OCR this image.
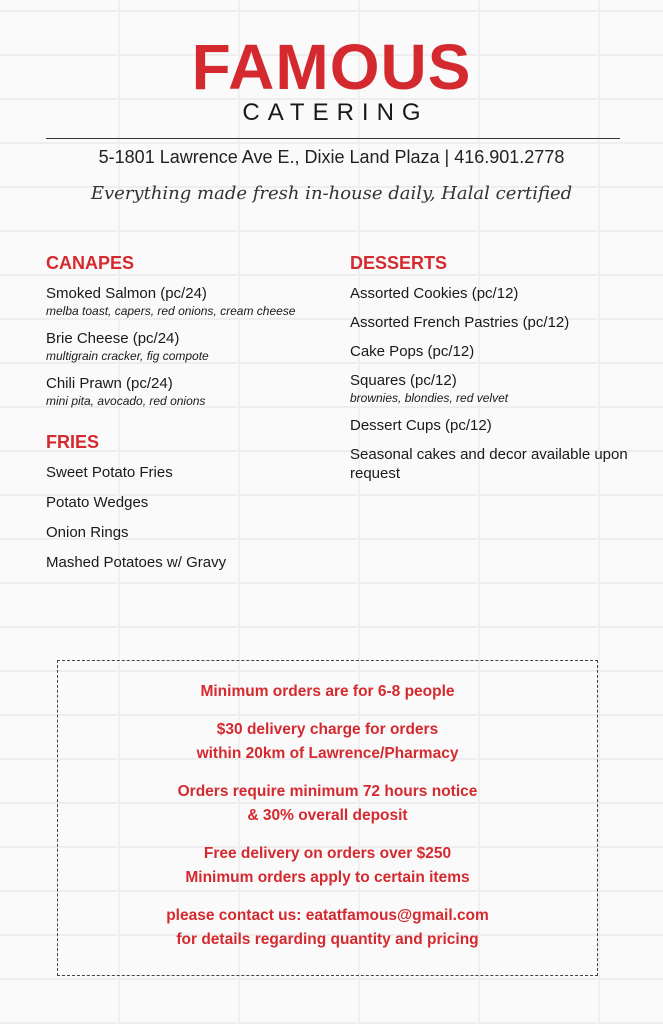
FAMOUS
CATERING
5-1801 Lawrence Ave E., Dixie Land Plaza | 416.901.2778
Everything made fresh in-house daily, Halal certified
CANAPES
Smoked Salmon (pc/24)
melba toast, capers, red onions, cream cheese
Brie Cheese (pc/24)
multigrain cracker, fig compote
Chili Prawn (pc/24)
mini pita, avocado, red onions
FRIES
Sweet Potato Fries
Potato Wedges
Onion Rings
Mashed Potatoes w/ Gravy
DESSERTS
Assorted Cookies (pc/12)
Assorted French Pastries (pc/12)
Cake Pops (pc/12)
Squares (pc/12)
brownies, blondies, red velvet
Dessert Cups (pc/12)
Seasonal cakes and decor available upon request
Minimum orders are for 6-8 people
$30 delivery charge for orders
within 20km of Lawrence/Pharmacy
Orders require minimum 72 hours notice
& 30% overall deposit
Free delivery on orders over $250
Minimum orders apply to certain items
please contact us: eatatfamous@gmail.com
for details regarding quantity and pricing
